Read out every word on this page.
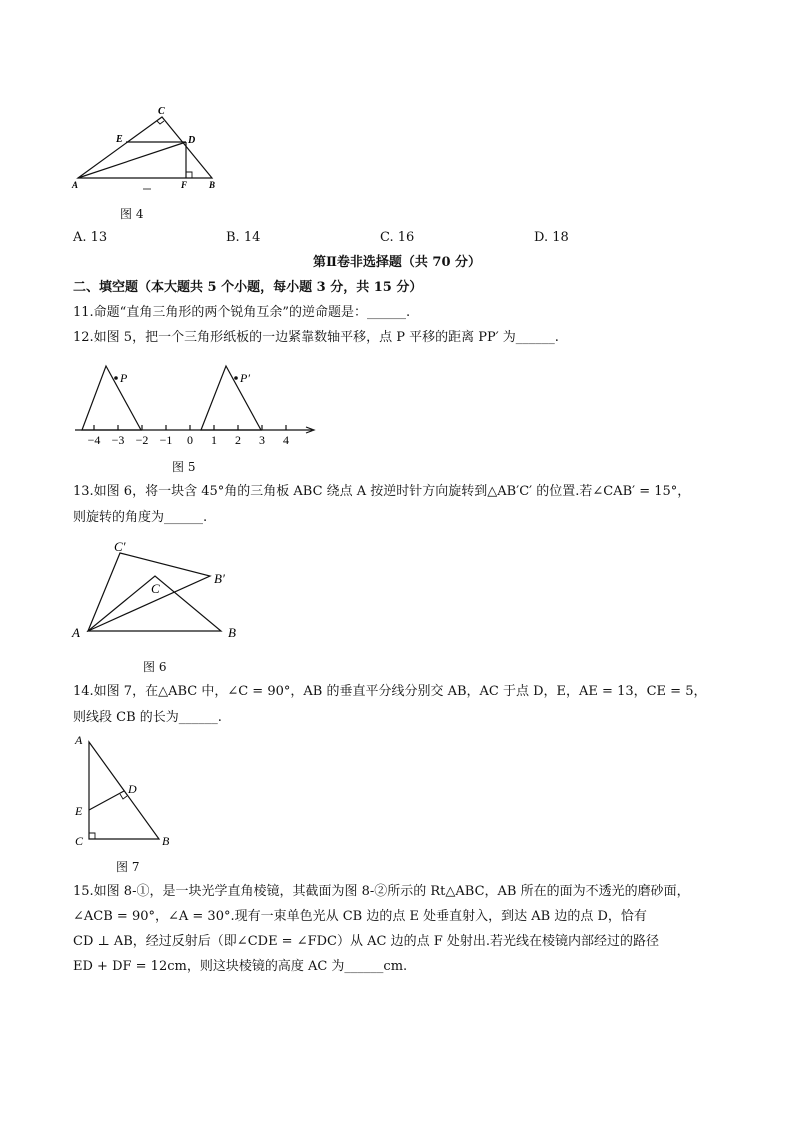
C
E	D
A	F B
图 4
A. 13	B. 14	C. 16	D. 18
第Ⅱ卷非选择题（共 70 分）
二、填空题（本大题共 5 个小题，每小题 3 分，共 15 分）
11.命题“直角三角形的两个锐角互余”的逆命题是：______.
12.如图 5，把一个三角形纸板的一边紧靠数轴平移，点 P 平移的距离 PP′ 为______.
P	P′
−4 −3 −2 −1 0 1 2 3 4
图 5
13.如图 6，将一块含 45°角的三角板 ABC 绕点 A 按逆时针方向旋转到△AB′C′ 的位置.若∠CAB′ = 15°，
则旋转的角度为______.
C′
C
B′
A	B
图 6
14.如图 7，在△ABC 中，∠C = 90°，AB 的垂直平分线分别交 AB，AC 于点 D，E，AE = 13，CE = 5，
则线段 CB 的长为______.
A
D
E
C	B
图 7
15.如图 8-①，是一块光学直角棱镜，其截面为图 8-②所示的 Rt△ABC，AB 所在的面为不透光的磨砂面，
∠ACB = 90°，∠A = 30°.现有一束单色光从 CB 边的点 E 处垂直射入，到达 AB 边的点 D，恰有
CD ⊥ AB，经过反射后（即∠CDE = ∠FDC）从 AC 边的点 F 处射出.若光线在棱镜内部经过的路径
ED + DF = 12cm，则这块棱镜的高度 AC 为______cm.
